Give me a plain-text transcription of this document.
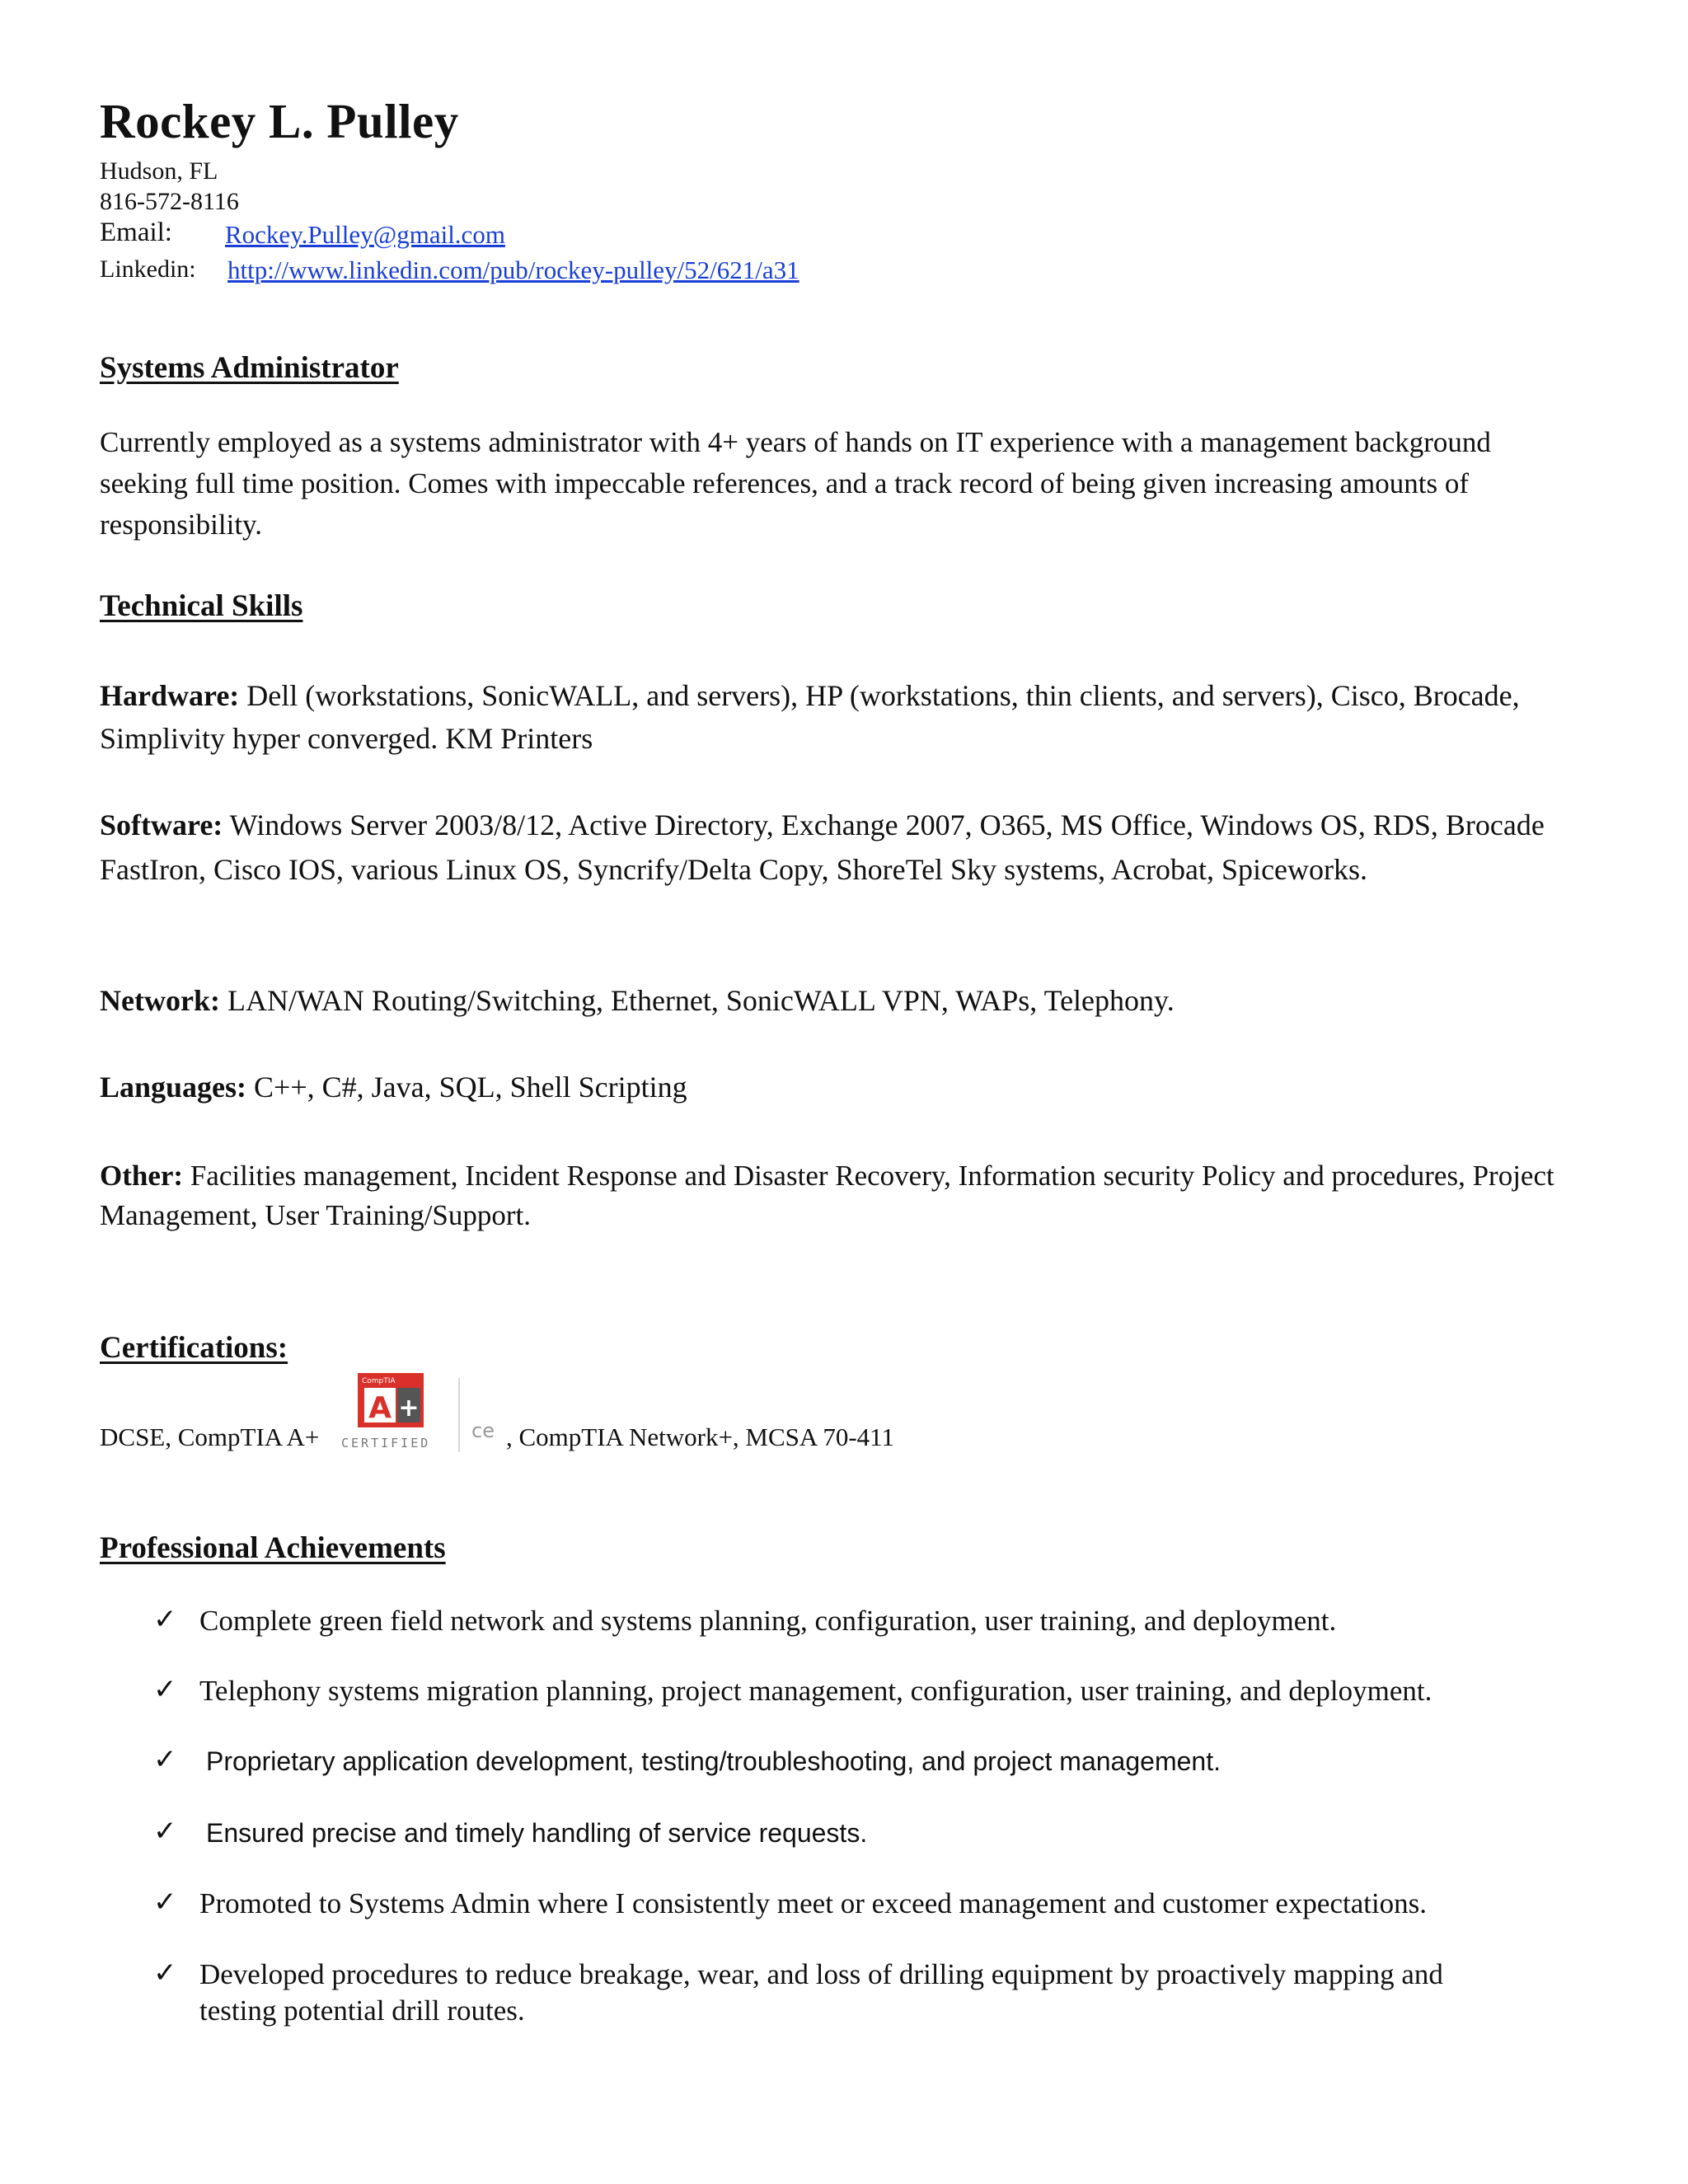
Rockey L. Pulley
Hudson, FL
816-572-8116
Email: Rockey.Pulley@gmail.com
Linkedin: http://www.linkedin.com/pub/rockey-pulley/52/621/a31
Systems Administrator
Currently employed as a systems administrator with 4+ years of hands on IT experience with a management background seeking full time position. Comes with impeccable references, and a track record of being given increasing amounts of responsibility.
Technical Skills
Hardware: Dell (workstations, SonicWALL, and servers), HP (workstations, thin clients, and servers), Cisco, Brocade, Simplivity hyper converged. KM Printers
Software: Windows Server 2003/8/12, Active Directory, Exchange 2007, O365, MS Office, Windows OS, RDS, Brocade FastIron, Cisco IOS, various Linux OS, Syncrify/Delta Copy, ShoreTel Sky systems, Acrobat, Spiceworks.
Network: LAN/WAN Routing/Switching, Ethernet, SonicWALL VPN, WAPs, Telephony.
Languages: C++, C#, Java, SQL, Shell Scripting
Other: Facilities management, Incident Response and Disaster Recovery, Information security Policy and procedures, Project Management, User Training/Support.
Certifications:
DCSE, CompTIA A+
CompTIA
A +
CERTIFIED
ce , CompTIA Network+, MCSA 70-411
Professional Achievements
✓ Complete green field network and systems planning, configuration, user training, and deployment.
✓ Telephony systems migration planning, project management, configuration, user training, and deployment.
✓ Proprietary application development, testing/troubleshooting, and project management.
✓ Ensured precise and timely handling of service requests.
✓ Promoted to Systems Admin where I consistently meet or exceed management and customer expectations.
✓ Developed procedures to reduce breakage, wear, and loss of drilling equipment by proactively mapping and testing potential drill routes.
